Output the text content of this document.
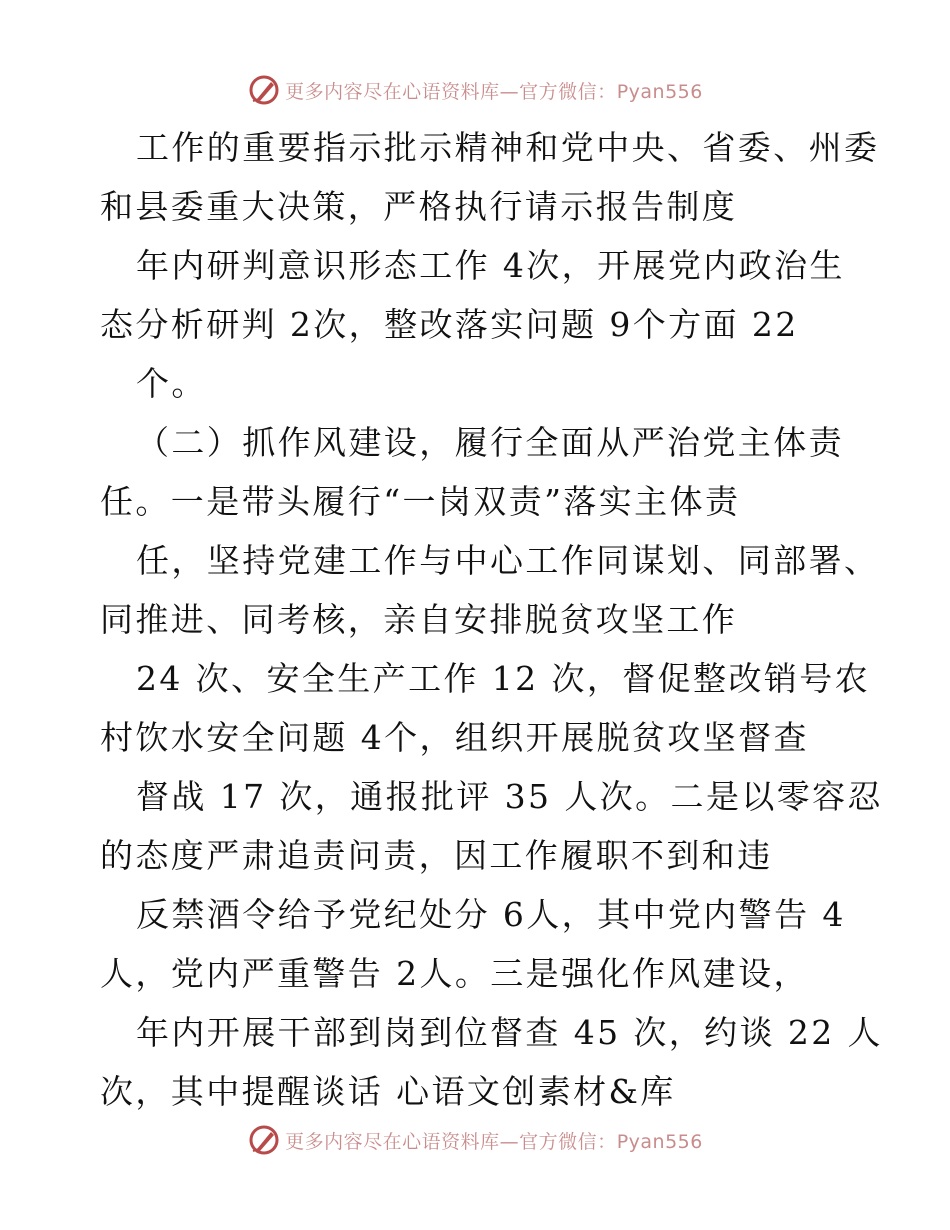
更多内容尽在心语资料库—官方微信：Pyan556
工作的重要指示批示精神和党中央、省委、州委
和县委重大决策，严格执行请示报告制度
年内研判意识形态工作 4次，开展党内政治生
态分析研判 2次，整改落实问题 9个方面 22
个。
（二）抓作风建设，履行全面从严治党主体责
任。一是带头履行“一岗双责”落实主体责
任，坚持党建工作与中心工作同谋划、同部署、
同推进、同考核，亲自安排脱贫攻坚工作
24 次、安全生产工作 12 次，督促整改销号农
村饮水安全问题 4个，组织开展脱贫攻坚督查
督战 17 次，通报批评 35 人次。二是以零容忍
的态度严肃追责问责，因工作履职不到和违
反禁酒令给予党纪处分 6人，其中党内警告 4
人，党内严重警告 2人。三是强化作风建设，
年内开展干部到岗到位督查 45 次，约谈 22 人
次，其中提醒谈话 心语文创素材&库
更多内容尽在心语资料库—官方微信：Pyan556
